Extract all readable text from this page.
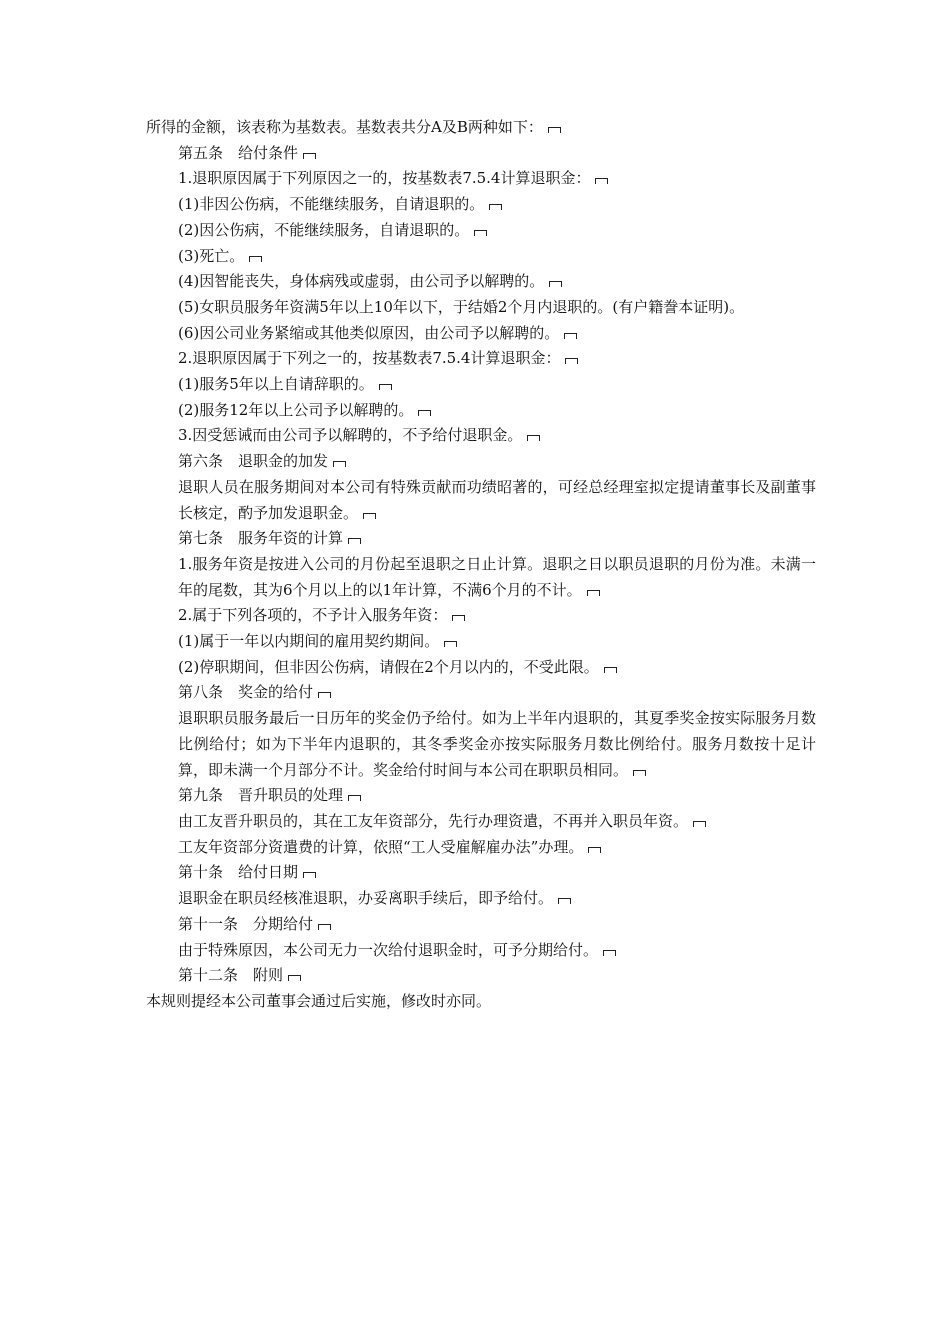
所得的金额，该表称为基数表。基数表共分A及B两种如下：
第五条　给付条件
1.退职原因属于下列原因之一的，按基数表7.5.4计算退职金：
(1)非因公伤病，不能继续服务，自请退职的。
(2)因公伤病，不能继续服务，自请退职的。
(3)死亡。
(4)因智能丧失，身体病残或虚弱，由公司予以解聘的。
(5)女职员服务年资满5年以上10年以下，于结婚2个月内退职的。(有户籍誊本证明)。
(6)因公司业务紧缩或其他类似原因，由公司予以解聘的。
2.退职原因属于下列之一的，按基数表7.5.4计算退职金：
(1)服务5年以上自请辞职的。
(2)服务12年以上公司予以解聘的。
3.因受惩诫而由公司予以解聘的，不予给付退职金。
第六条　退职金的加发
退职人员在服务期间对本公司有特殊贡献而功绩昭著的，可经总经理室拟定提请董事长及副董事长核定，酌予加发退职金。
第七条　服务年资的计算
1.服务年资是按进入公司的月份起至退职之日止计算。退职之日以职员退职的月份为准。未满一年的尾数，其为6个月以上的以1年计算，不满6个月的不计。
2.属于下列各项的，不予计入服务年资：
(1)属于一年以内期间的雇用契约期间。
(2)停职期间，但非因公伤病，请假在2个月以内的，不受此限。
第八条　奖金的给付
退职职员服务最后一日历年的奖金仍予给付。如为上半年内退职的，其夏季奖金按实际服务月数比例给付；如为下半年内退职的，其冬季奖金亦按实际服务月数比例给付。服务月数按十足计算，即未满一个月部分不计。奖金给付时间与本公司在职职员相同。
第九条　晋升职员的处理
由工友晋升职员的，其在工友年资部分，先行办理资遣，不再并入职员年资。
工友年资部分资遣费的计算，依照“工人受雇解雇办法”办理。
第十条　给付日期
退职金在职员经核准退职，办妥离职手续后，即予给付。
第十一条　分期给付
由于特殊原因，本公司无力一次给付退职金时，可予分期给付。
第十二条　附则
本规则提经本公司董事会通过后实施，修改时亦同。
